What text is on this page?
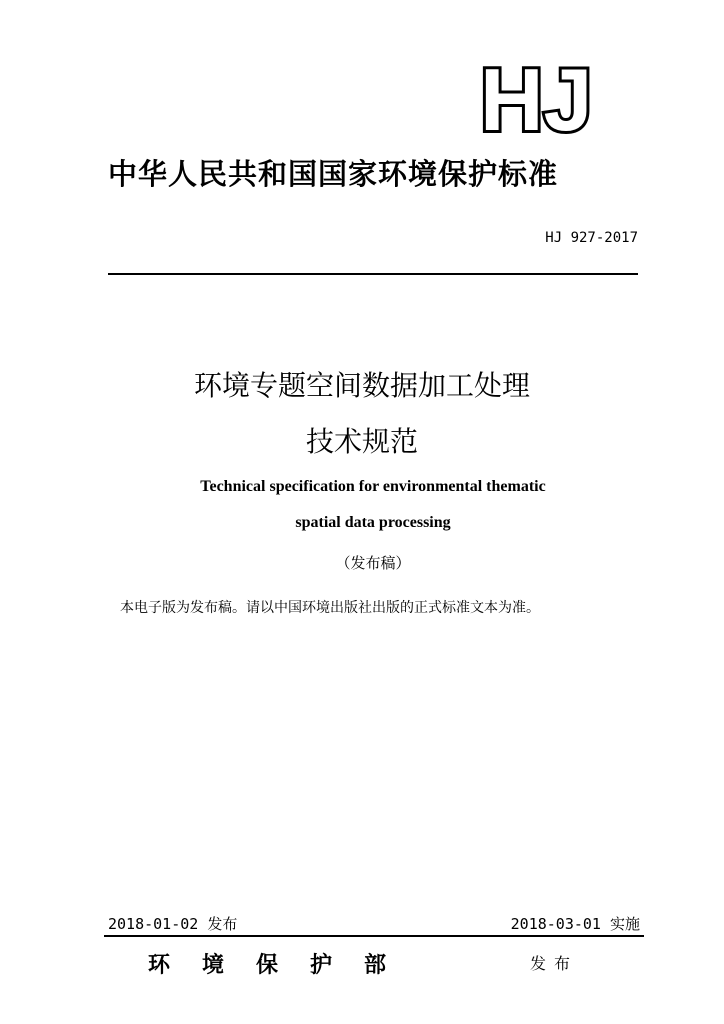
HJ
中华人民共和国国家环境保护标准
HJ 927-2017
环境专题空间数据加工处理
技术规范
Technical specification for environmental thematic
spatial data processing
（发布稿）
本电子版为发布稿。请以中国环境出版社出版的正式标准文本为准。
2018-01-02 发布	2018-03-01 实施
环境保护部	发布
